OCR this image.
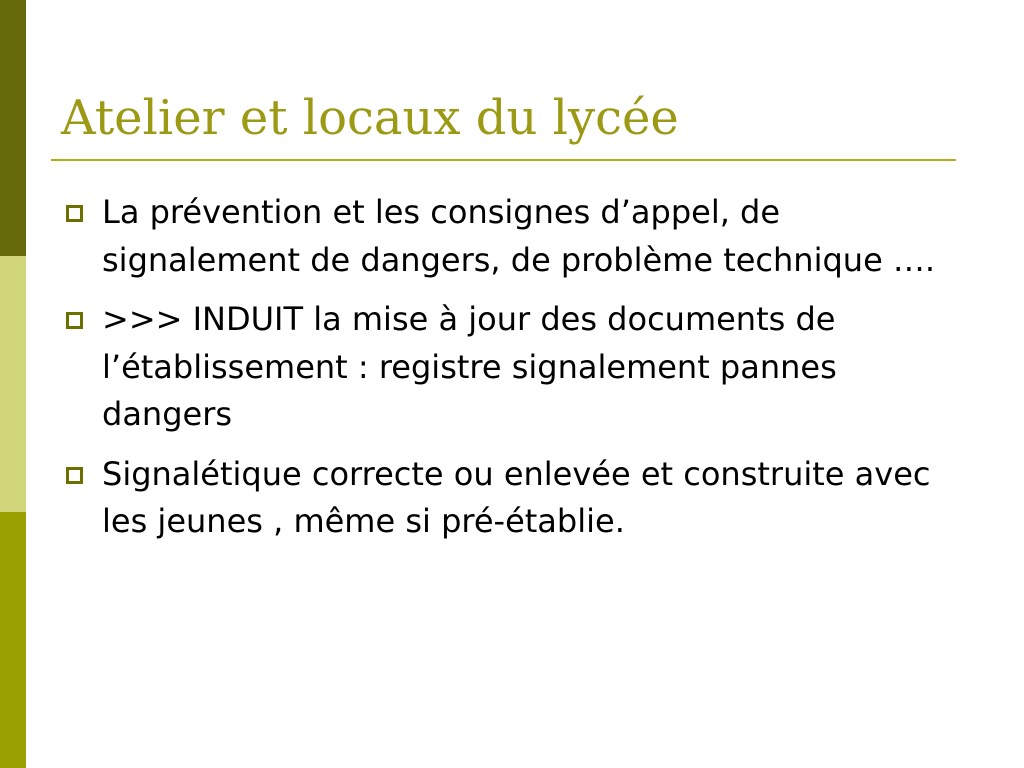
Atelier et locaux du lycée
La prévention et les consignes d’appel, de signalement de dangers, de problème technique ….
>>> INDUIT la mise à jour des documents de l’établissement : registre signalement pannes dangers
Signalétique correcte ou enlevée et construite avec les jeunes , même si pré-établie.
